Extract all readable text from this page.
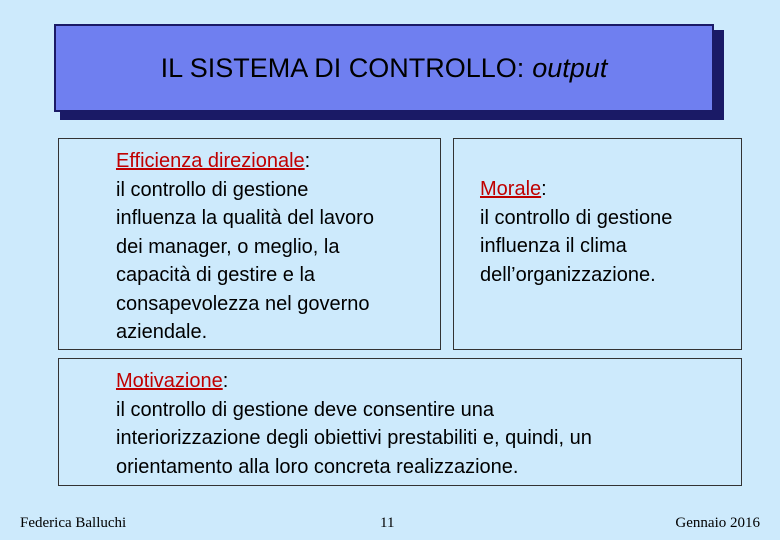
IL SISTEMA DI CONTROLLO: output
Efficienza direzionale:
il controllo di gestione
influenza la qualità del lavoro
dei manager, o meglio, la
capacità di gestire e la
consapevolezza nel governo
aziendale.
Morale:
il controllo di gestione
influenza il clima
dell’organizzazione.
Motivazione:
il controllo di gestione deve consentire una
interiorizzazione degli obiettivi prestabiliti e, quindi, un
orientamento alla loro concreta realizzazione.
Federica Balluchi	11	Gennaio 2016
